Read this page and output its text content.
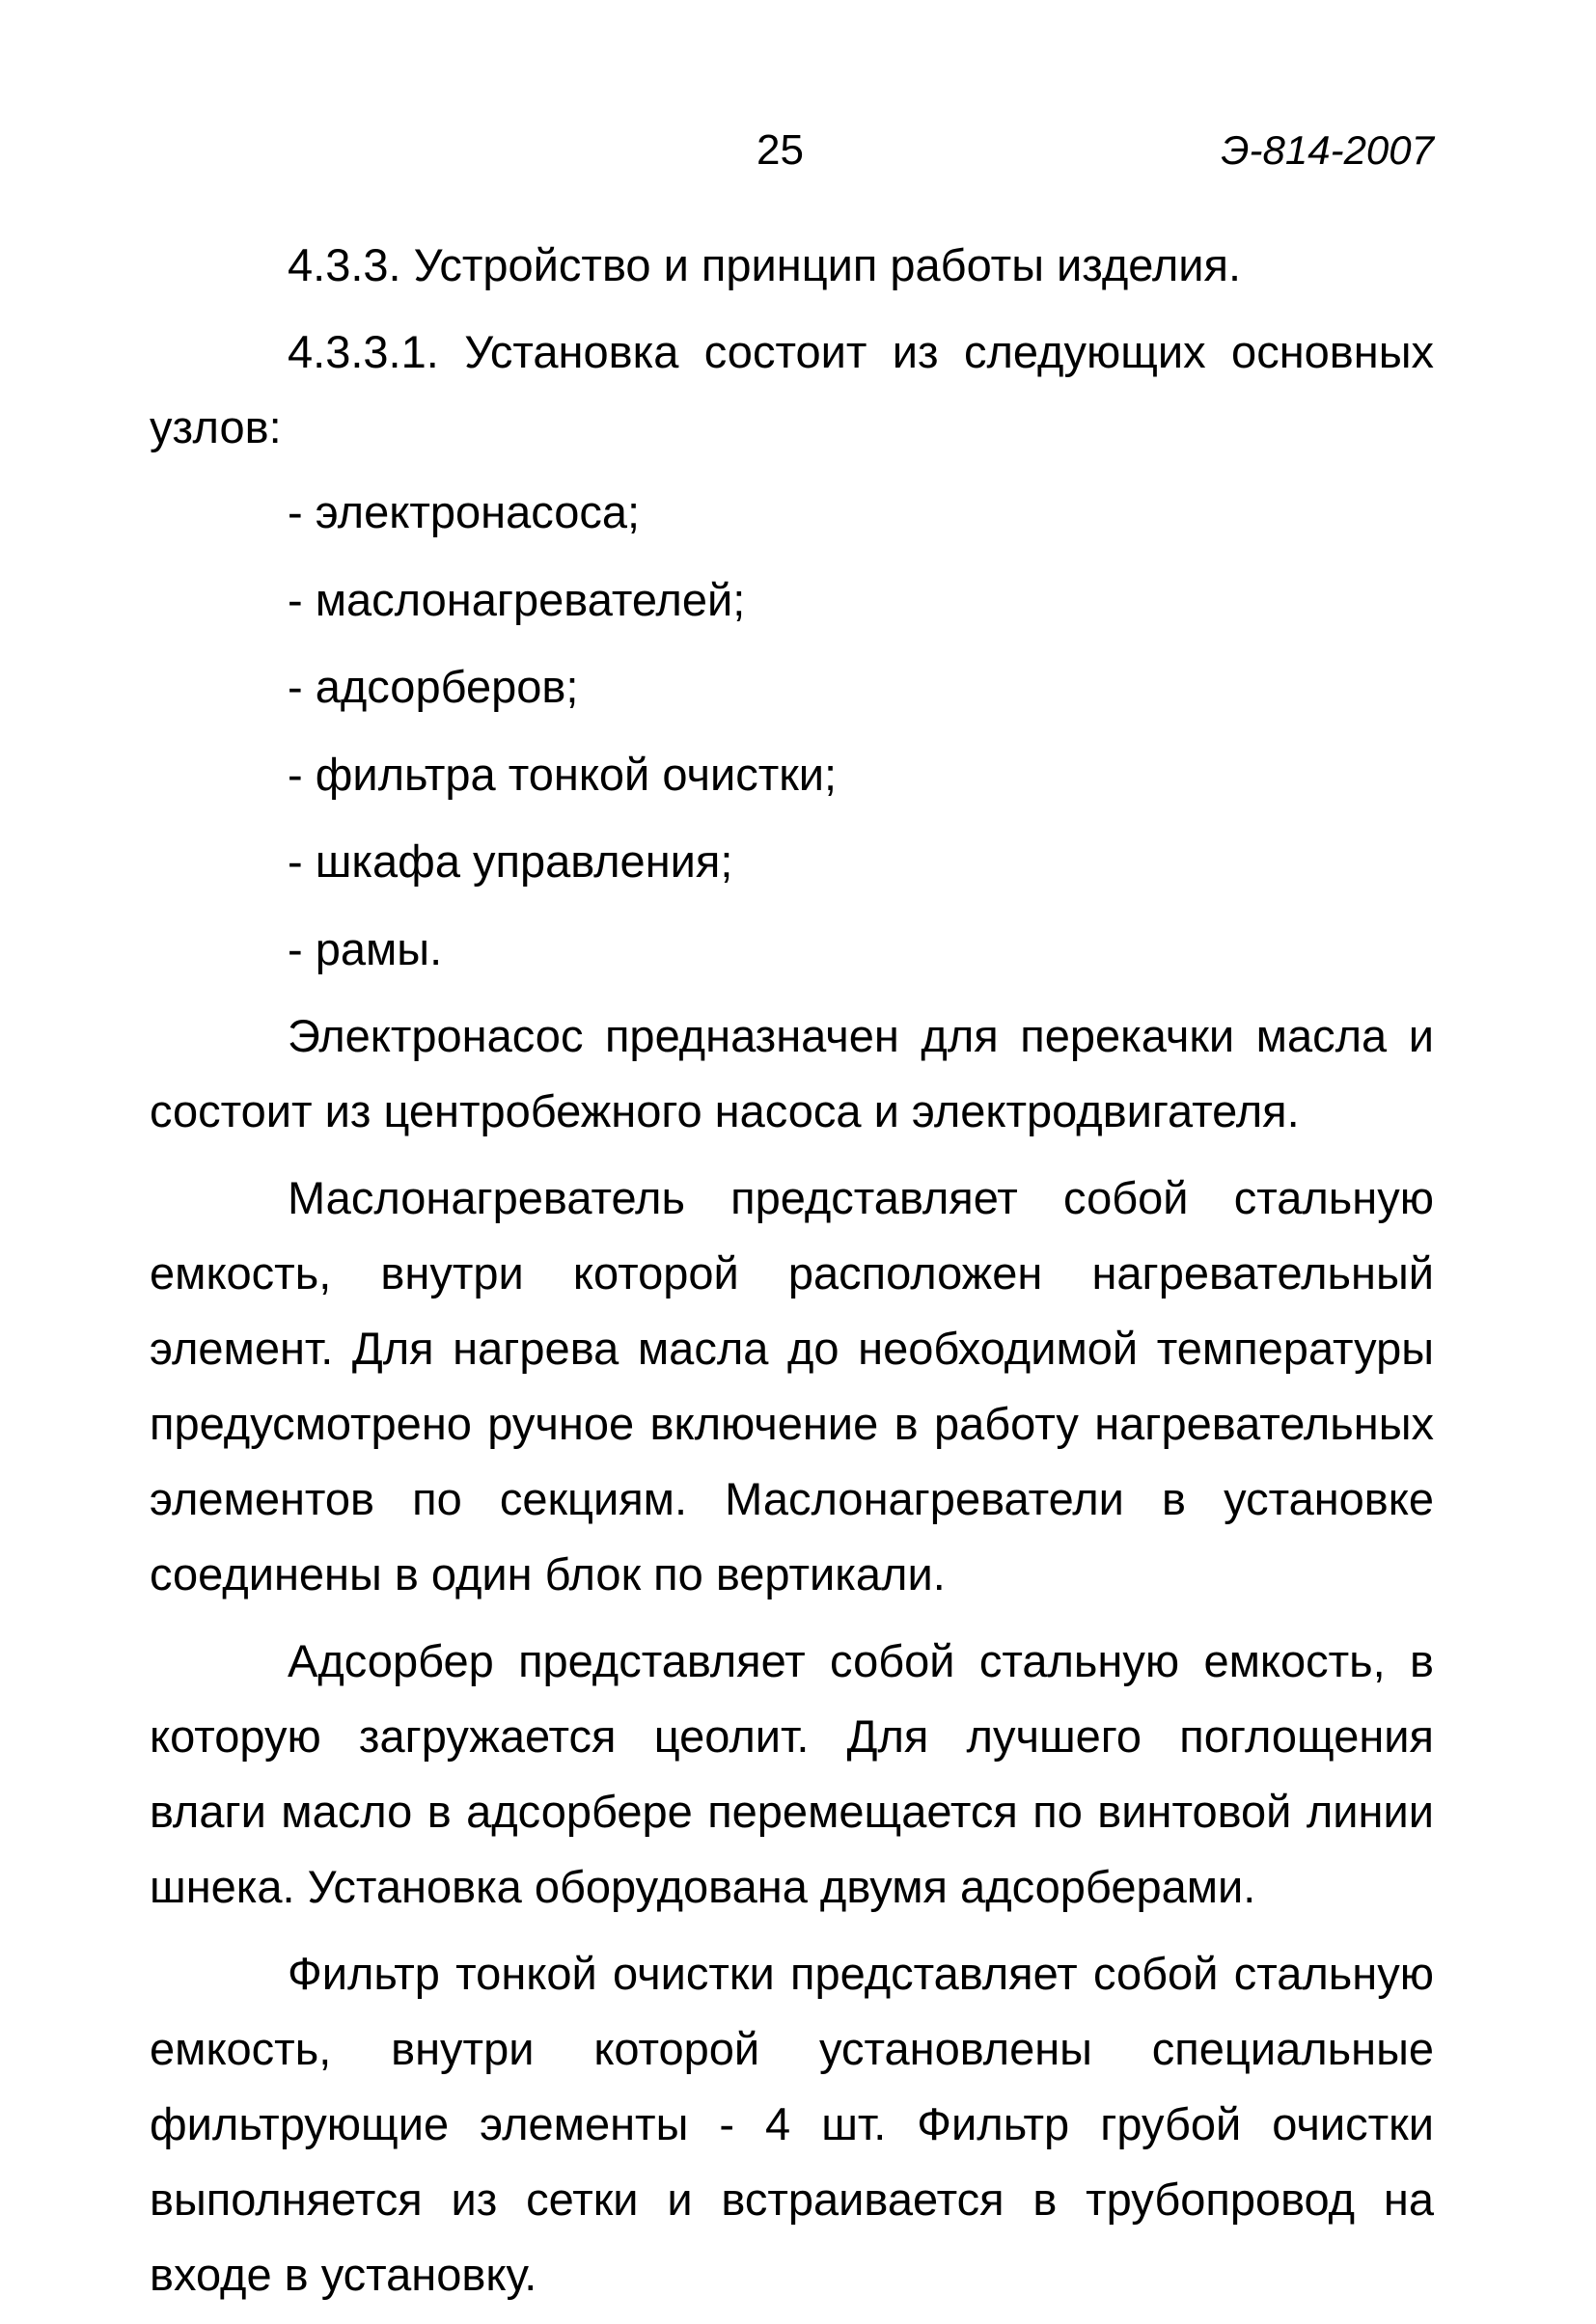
25	Э-814-2007

4.3.3. Устройство и принцип работы изделия.

4.3.3.1. Установка состоит из следующих основных узлов:

- электронасоса;
- маслонагревателей;
- адсорберов;
- фильтра тонкой очистки;
- шкафа управления;
- рамы.

Электронасос предназначен для перекачки масла и состоит из центробежного насоса и электродвигателя.

Маслонагреватель представляет собой стальную емкость, внутри которой расположен нагревательный элемент. Для нагрева масла до необходимой температуры предусмотрено ручное включение в работу нагревательных элементов по секциям. Маслонагреватели в установке соединены в один блок по вертикали.

Адсорбер представляет собой стальную емкость, в которую загружается цеолит. Для лучшего поглощения влаги масло в адсорбере перемещается по винтовой линии шнека. Установка оборудована двумя адсорберами.

Фильтр тонкой очистки представляет собой стальную емкость, внутри которой установлены специальные фильтрующие элементы - 4 шт. Фильтр грубой очистки выполняется из сетки и встраивается в трубопровод на входе в установку.
